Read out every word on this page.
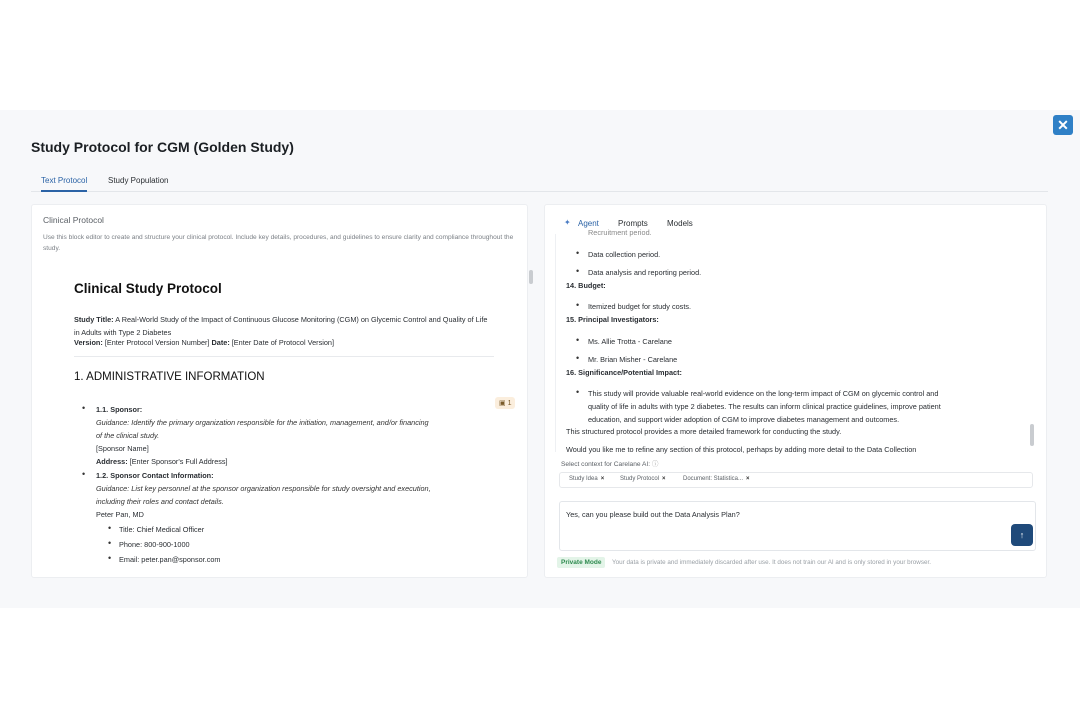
✕
Study Protocol for CGM (Golden Study)
Text Protocol	Study Population
Clinical Protocol
Use this block editor to create and structure your clinical protocol. Include key details, procedures, and guidelines to ensure clarity and compliance throughout the study.
Clinical Study Protocol
Study Title: A Real-World Study of the Impact of Continuous Glucose Monitoring (CGM) on Glycemic Control and Quality of Life in Adults with Type 2 Diabetes
Version: [Enter Protocol Version Number] Date: [Enter Date of Protocol Version]
1. ADMINISTRATIVE INFORMATION
• 1.1. Sponsor:
Guidance: Identify the primary organization responsible for the initiation, management, and/or financing
of the clinical study.
[Sponsor Name]
Address: [Enter Sponsor's Full Address]
• 1.2. Sponsor Contact Information:
Guidance: List key personnel at the sponsor organization responsible for study oversight and execution,
including their roles and contact details.
Peter Pan, MD
• Title: Chief Medical Officer
• Phone: 800-900-1000
• Email: peter.pan@sponsor.com
▣ 1
✦ Agent Prompts Models
Recruitment period.
• Data collection period.
• Data analysis and reporting period.
14. Budget:
• Itemized budget for study costs.
15. Principal Investigators:
• Ms. Allie Trotta - Carelane
• Mr. Brian Misher - Carelane
16. Significance/Potential Impact:
• This study will provide valuable real-world evidence on the long-term impact of CGM on glycemic control and
quality of life in adults with type 2 diabetes. The results can inform clinical practice guidelines, improve patient
education, and support wider adoption of CGM to improve diabetes management and outcomes.
This structured protocol provides a more detailed framework for conducting the study.
Would you like me to refine any section of this protocol, perhaps by adding more detail to the Data Collection
Select context for Carelane AI: ⓘ
Study Idea ×	Study Protocol ×	Document: Statistica... ×
Yes, can you please build out the Data Analysis Plan?
↑
Private Mode	Your data is private and immediately discarded after use. It does not train our AI and is only stored in your browser.
